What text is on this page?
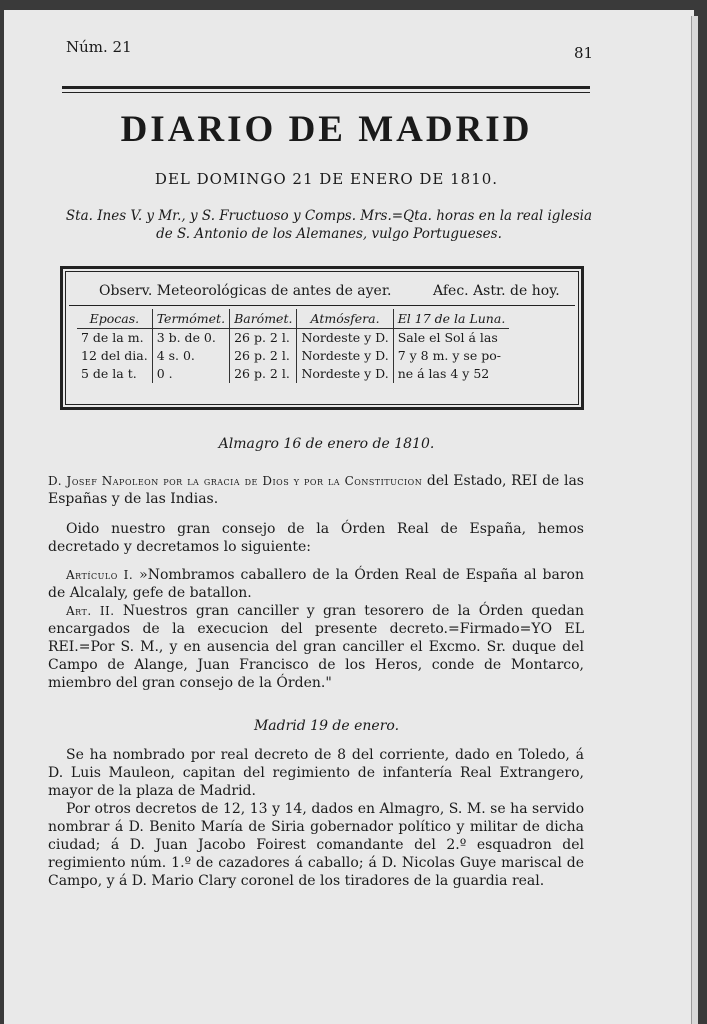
Núm. 21	81
DIARIO DE MADRID
DEL DOMINGO 21 DE ENERO DE 1810.
Sta. Ines V. y Mr., y S. Fructuoso y Comps. Mrs.=Qta. horas en la real iglesia de S. Antonio de los Alemanes, vulgo Portugueses.
Observ. Meteorológicas de antes de ayer.	Afec. Astr. de hoy.
Epocas.	Termómet.	Barómet.	Atmósfera.	El 17 de la Luna.
7 de la m.	3 b. de 0.	26 p. 2 l.	Nordeste y D.	Sale el Sol á las
12 del dia.	4 s. 0.	26 p. 2 l.	Nordeste y D.	7 y 8 m. y se po-
5 de la t.	0 .	26 p. 2 l.	Nordeste y D.	ne á las 4 y 52
Almagro 16 de enero de 1810.
D. Josef Napoleon por la gracia de Dios y por la Constitucion del Estado, REI de las Españas y de las Indias.
Oido nuestro gran consejo de la Órden Real de España, hemos decretado y decretamos lo siguiente:
Artículo I. »Nombramos caballero de la Órden Real de España al baron de Alcalaly, gefe de batallon.
Art. II. Nuestros gran canciller y gran tesorero de la Órden quedan encargados de la execucion del presente decreto.=Firmado=YO EL REI.=Por S. M., y en ausencia del gran canciller el Excmo. Sr. duque del Campo de Alange, Juan Francisco de los Heros, conde de Montarco, miembro del gran consejo de la Órden."
Madrid 19 de enero.
Se ha nombrado por real decreto de 8 del corriente, dado en Toledo, á D. Luis Mauleon, capitan del regimiento de infantería Real Extrangero, mayor de la plaza de Madrid.
Por otros decretos de 12, 13 y 14, dados en Almagro, S. M. se ha servido nombrar á D. Benito María de Siria gobernador político y militar de dicha ciudad; á D. Juan Jacobo Foirest comandante del 2.º esquadron del regimiento núm. 1.º de cazadores á caballo; á D. Nicolas Guye mariscal de Campo, y á D. Mario Clary coronel de los tiradores de la guardia real.
